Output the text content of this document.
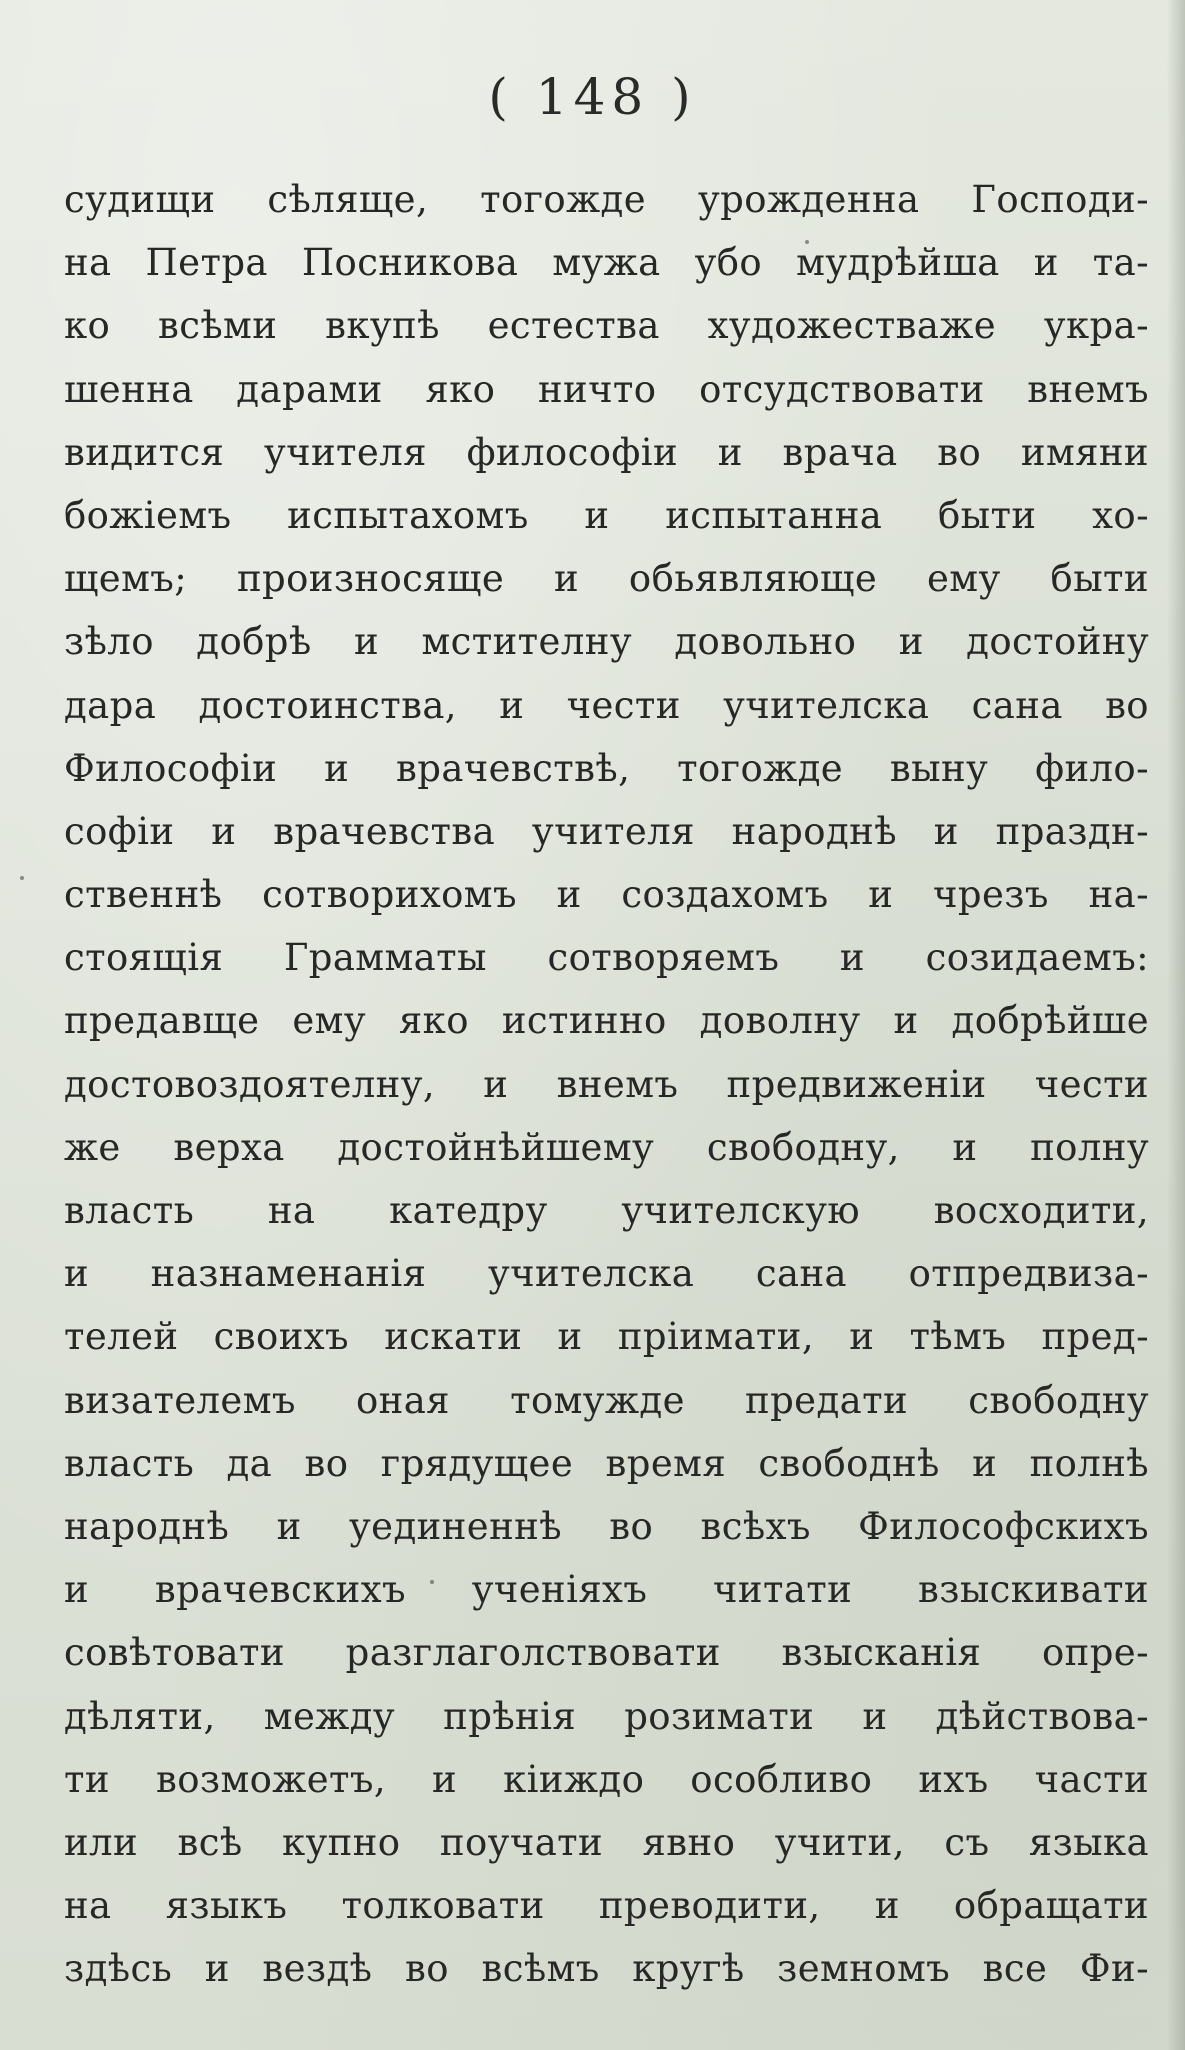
( 148 )
судищи сѣлящe, тогожде урожденна Господи-
на Петра Посникова мужа убо мудрѣйша и та-
ко всѣми вкупѣ естества художестваже укра-
шенна дарами яко ничто отсудствовати внемъ
видится учителя философiи и врача во имяни
божiемъ испытахомъ и испытанна быти хо-
щемъ; произносяще и обьявляюще ему быти
зѣло добрѣ и мстителну довольно и достойну
дара достоинства, и чести учителска сана во
Философiи и врачевствѣ, тогожде выну фило-
софiи и врачевства учителя народнѣ и праздн-
ственнѣ сотворихомъ и создахомъ и чрезъ на-
стоящiя Грамматы сотворяемъ и созидаемъ:
предавще ему яко истинно доволну и добрѣйше
достовоздоятелну, и внемъ предвиженiи чести
же верха достойнѣйшему свободну, и полну
власть на катедру учителскую восходити,
и назнаменанiя учителска сана отпредвиза-
телей своихъ искати и прiимати, и тѣмъ пред-
визателемъ оная томужде предати свободну
власть да во грядущее время свободнѣ и полнѣ
народнѣ и уединеннѣ во всѣхъ Философскихъ
и врачевскихъ ученiяхъ читати взыскивати
совѣтовати разглаголствовати взысканiя опре-
дѣляти, между прѣнiя розимати и дѣйствова-
ти возможетъ, и кiиждо особливо ихъ части
или всѣ купно поучати явно учити, съ языка
на языкъ толковати преводити, и обращати
здѣсь и вездѣ во всѣмъ кругѣ земномъ все Фи-
